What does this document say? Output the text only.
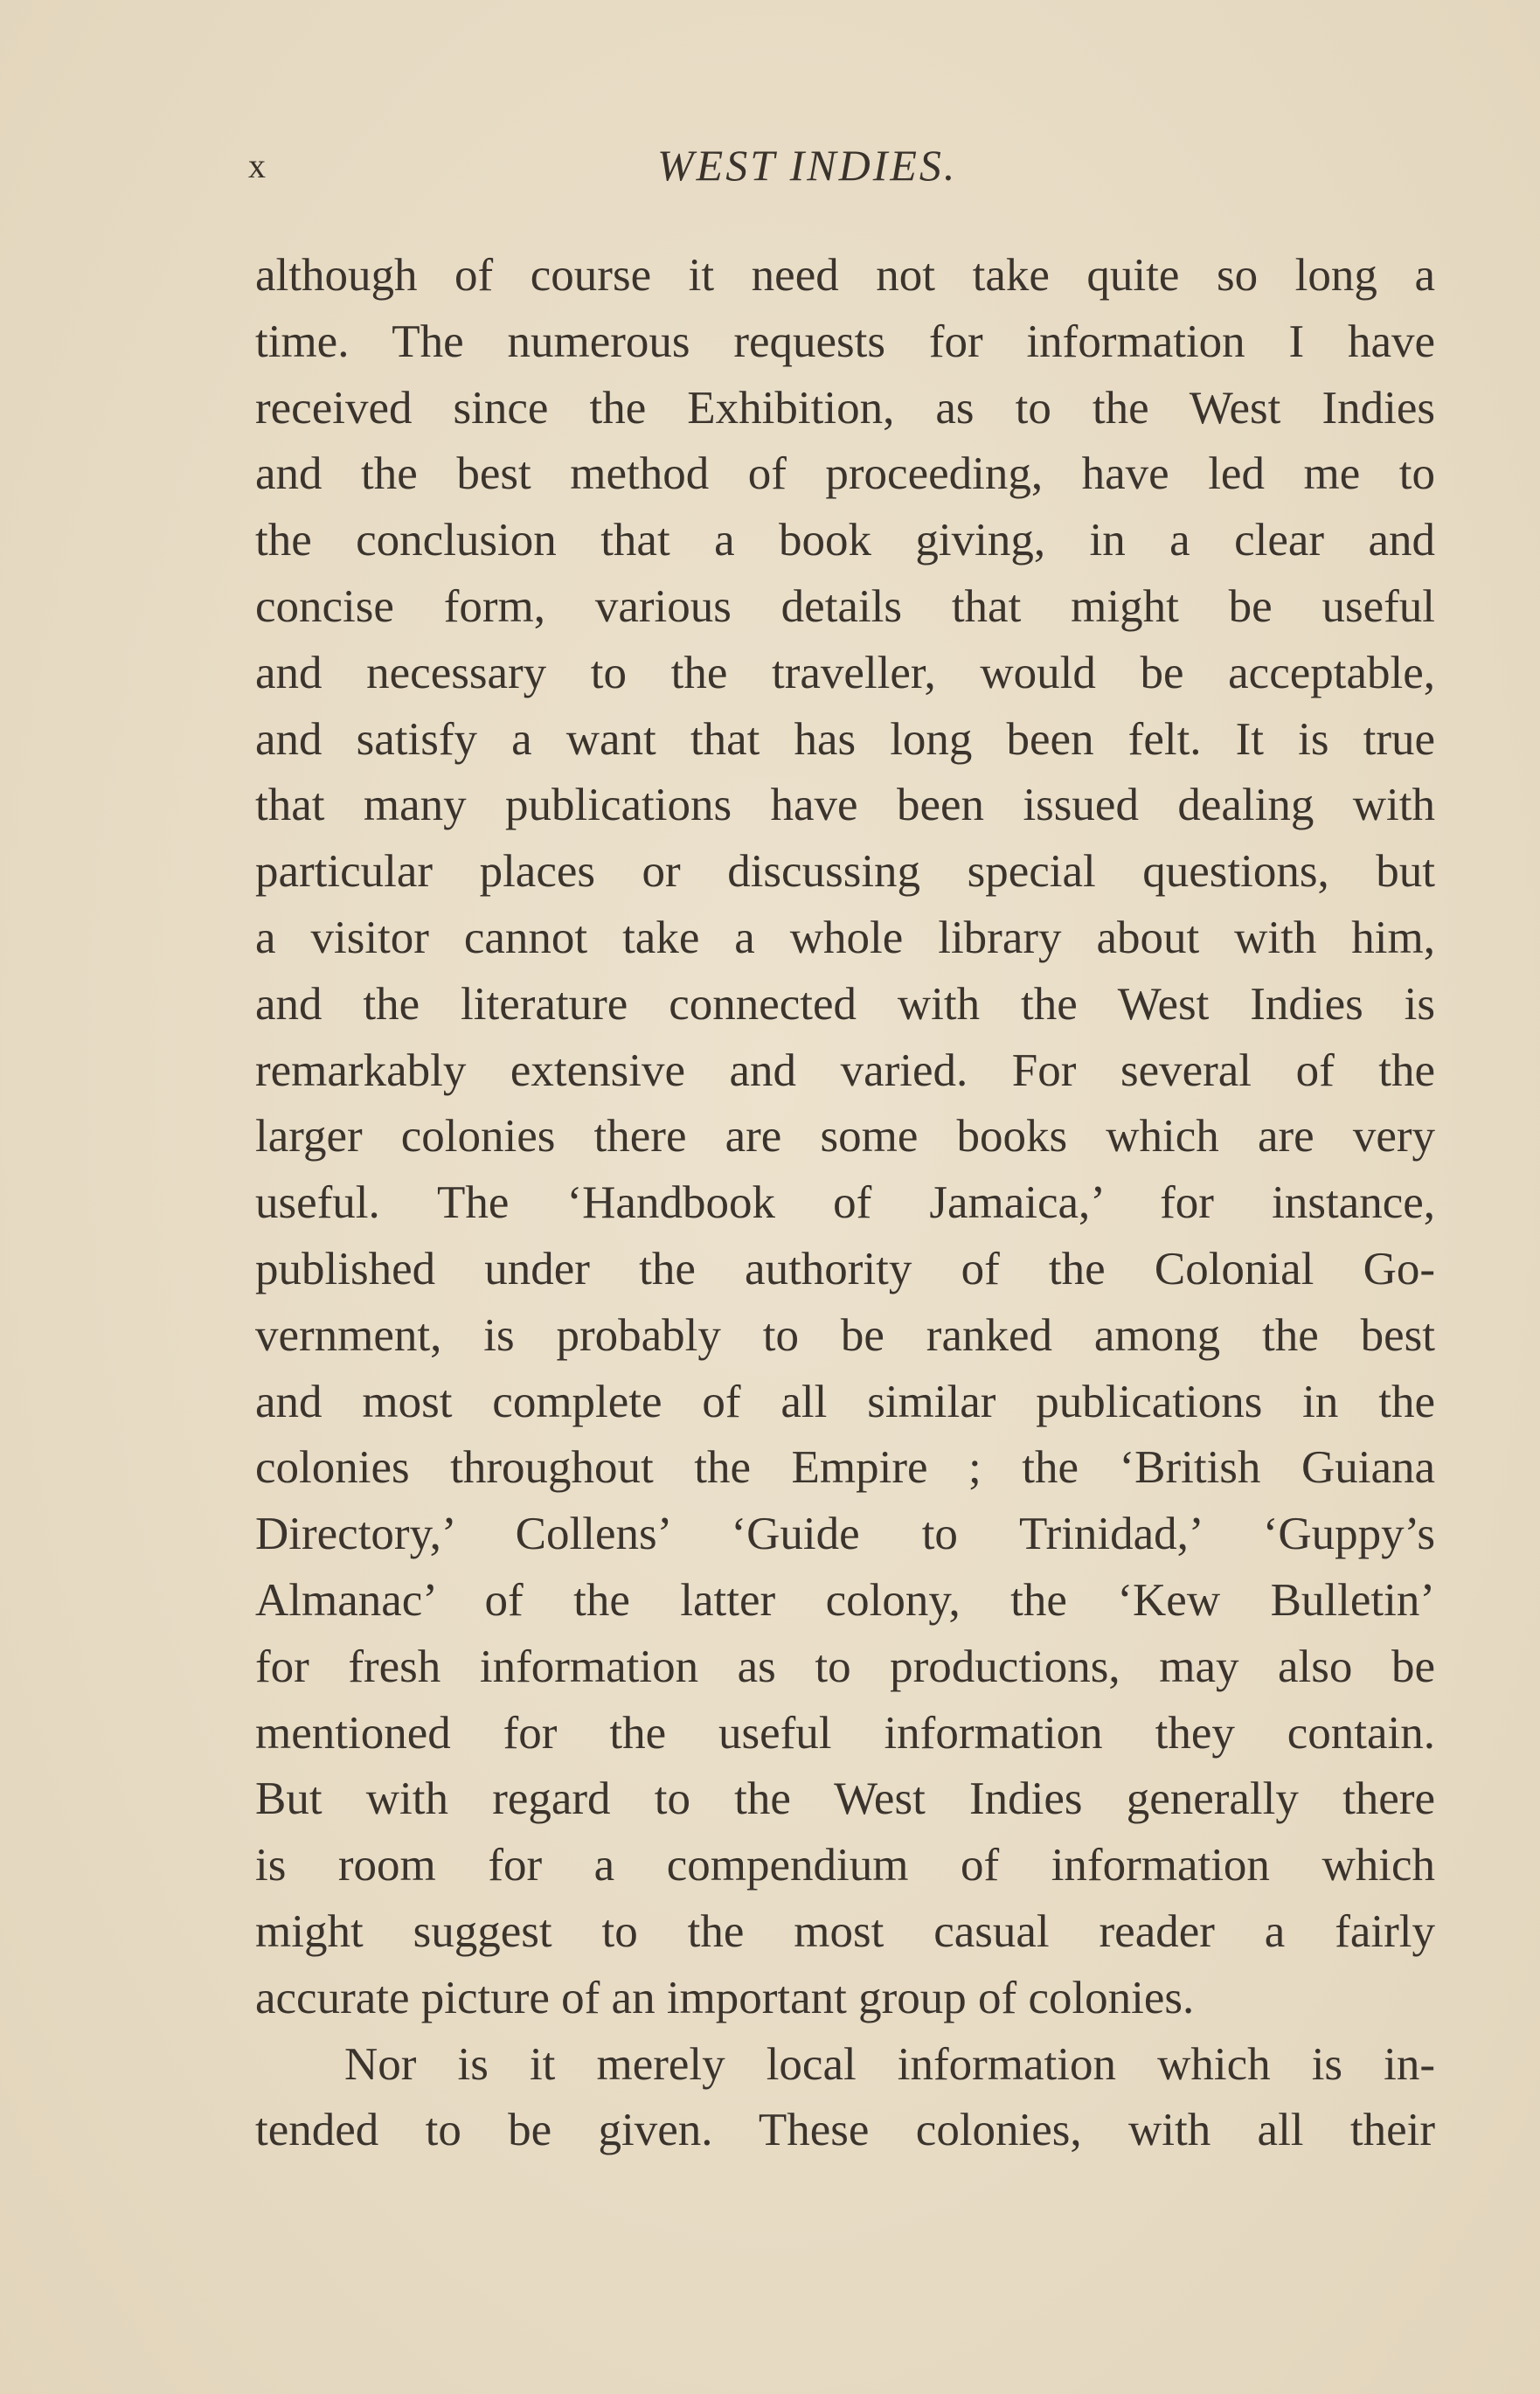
x	WEST INDIES.
although of course it need not take quite so long a
time. The numerous requests for information I have
received since the Exhibition, as to the West Indies
and the best method of proceeding, have led me to
the conclusion that a book giving, in a clear and
concise form, various details that might be useful
and necessary to the traveller, would be acceptable,
and satisfy a want that has long been felt. It is true
that many publications have been issued dealing with
particular places or discussing special questions, but
a visitor cannot take a whole library about with him,
and the literature connected with the West Indies is
remarkably extensive and varied. For several of the
larger colonies there are some books which are very
useful. The ‘Handbook of Jamaica,’ for instance,
published under the authority of the Colonial Go-
vernment, is probably to be ranked among the best
and most complete of all similar publications in the
colonies throughout the Empire ; the ‘British Guiana
Directory,’ Collens’ ‘Guide to Trinidad,’ ‘Guppy’s
Almanac’ of the latter colony, the ‘Kew Bulletin’
for fresh information as to productions, may also be
mentioned for the useful information they contain.
But with regard to the West Indies generally there
is room for a compendium of information which
might suggest to the most casual reader a fairly
accurate picture of an important group of colonies.
Nor is it merely local information which is in-
tended to be given. These colonies, with all their
